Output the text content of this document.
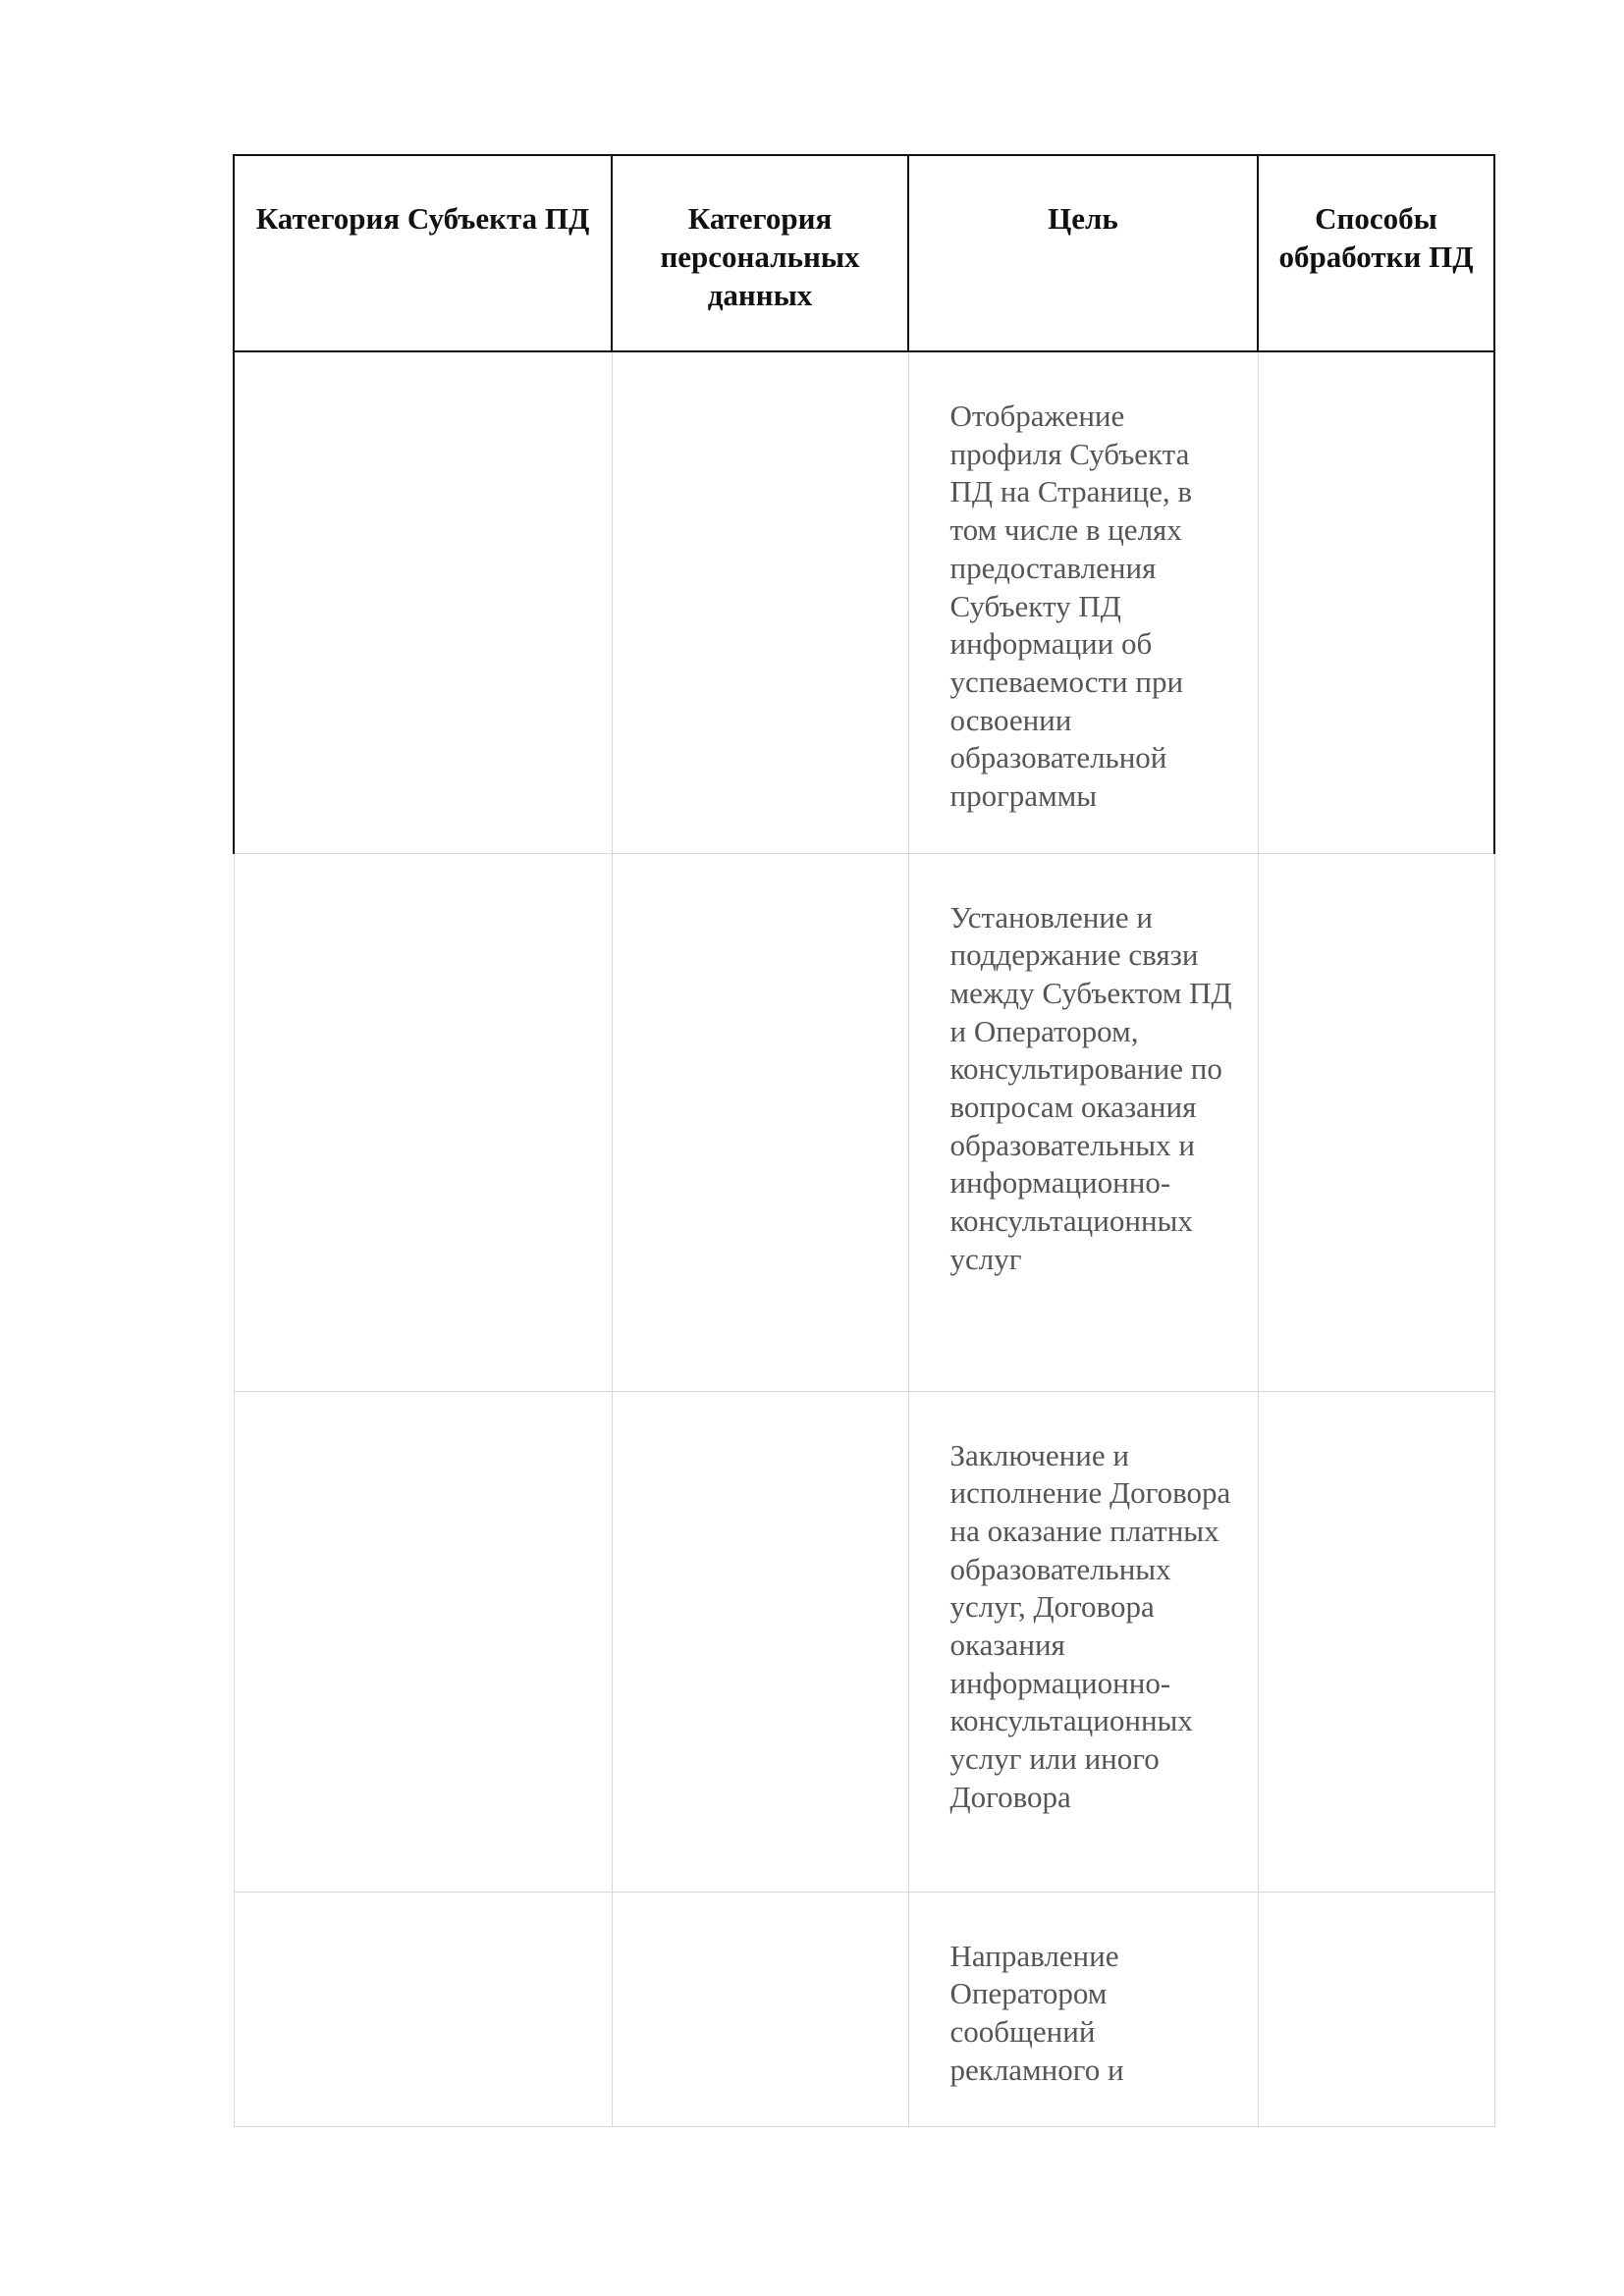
Категория Субъекта ПД	Категория персональных данных	Цель	Способы обработки ПД

		Отображение профиля Субъекта ПД на Странице, в том числе в целях предоставления Субъекту ПД информации об успеваемости при освоении образовательной программы	

		Установление и поддержание связи между Субъектом ПД и Оператором, консультирование по вопросам оказания образовательных и информационно-консультационных услуг	

		Заключение и исполнение Договора на оказание платных образовательных услуг, Договора оказания информационно-консультационных услуг или иного Договора	

		Направление Оператором сообщений рекламного и	
